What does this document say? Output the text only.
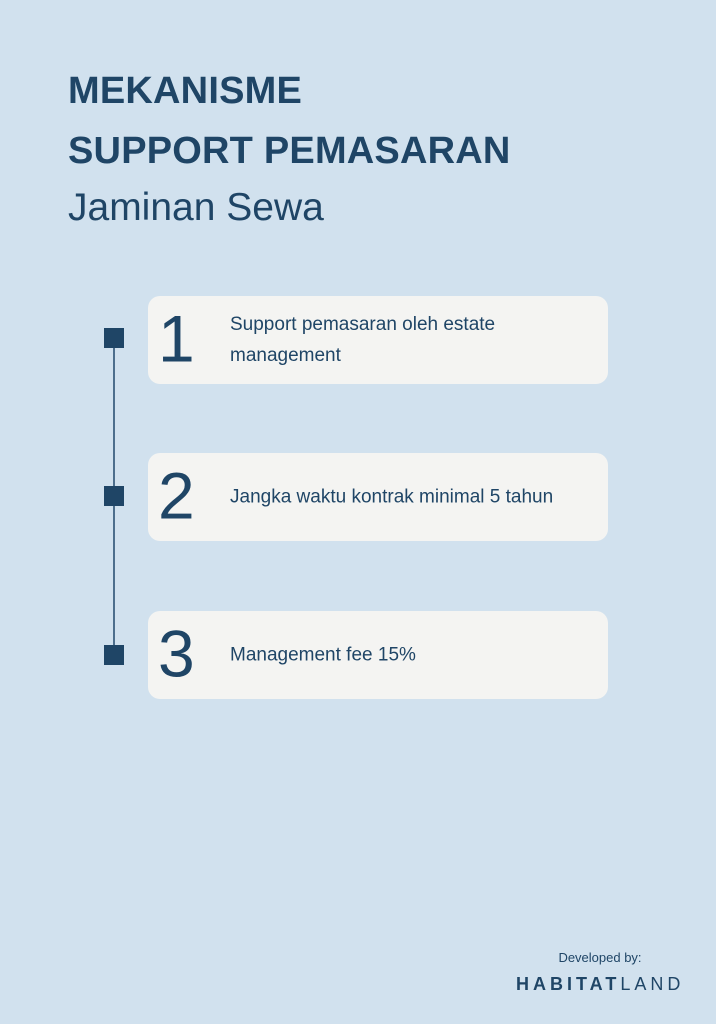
MEKANISME
SUPPORT PEMASARAN
Jaminan Sewa
1 Support pemasaran oleh estate management
2 Jangka waktu kontrak minimal 5 tahun
3 Management fee 15%
Developed by:
HABITATLAND
